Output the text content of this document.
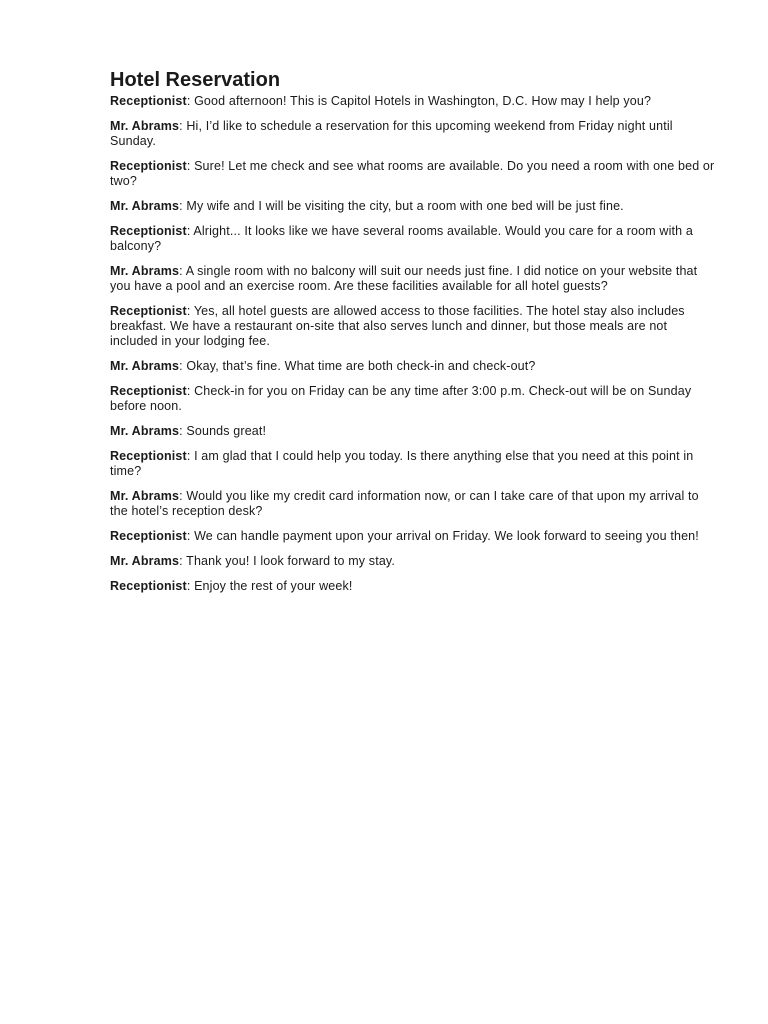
Hotel Reservation
Receptionist: Good afternoon! This is Capitol Hotels in Washington, D.C. How may I help you?
Mr. Abrams: Hi, I’d like to schedule a reservation for this upcoming weekend from Friday night until Sunday.
Receptionist: Sure! Let me check and see what rooms are available. Do you need a room with one bed or two?
Mr. Abrams: My wife and I will be visiting the city, but a room with one bed will be just fine.
Receptionist: Alright... It looks like we have several rooms available. Would you care for a room with a balcony?
Mr. Abrams: A single room with no balcony will suit our needs just fine. I did notice on your website that you have a pool and an exercise room. Are these facilities available for all hotel guests?
Receptionist: Yes, all hotel guests are allowed access to those facilities. The hotel stay also includes breakfast. We have a restaurant on-site that also serves lunch and dinner, but those meals are not included in your lodging fee.
Mr. Abrams: Okay, that’s fine. What time are both check-in and check-out?
Receptionist: Check-in for you on Friday can be any time after 3:00 p.m. Check-out will be on Sunday before noon.
Mr. Abrams: Sounds great!
Receptionist: I am glad that I could help you today. Is there anything else that you need at this point in time?
Mr. Abrams: Would you like my credit card information now, or can I take care of that upon my arrival to the hotel’s reception desk?
Receptionist: We can handle payment upon your arrival on Friday. We look forward to seeing you then!
Mr. Abrams: Thank you! I look forward to my stay.
Receptionist: Enjoy the rest of your week!
